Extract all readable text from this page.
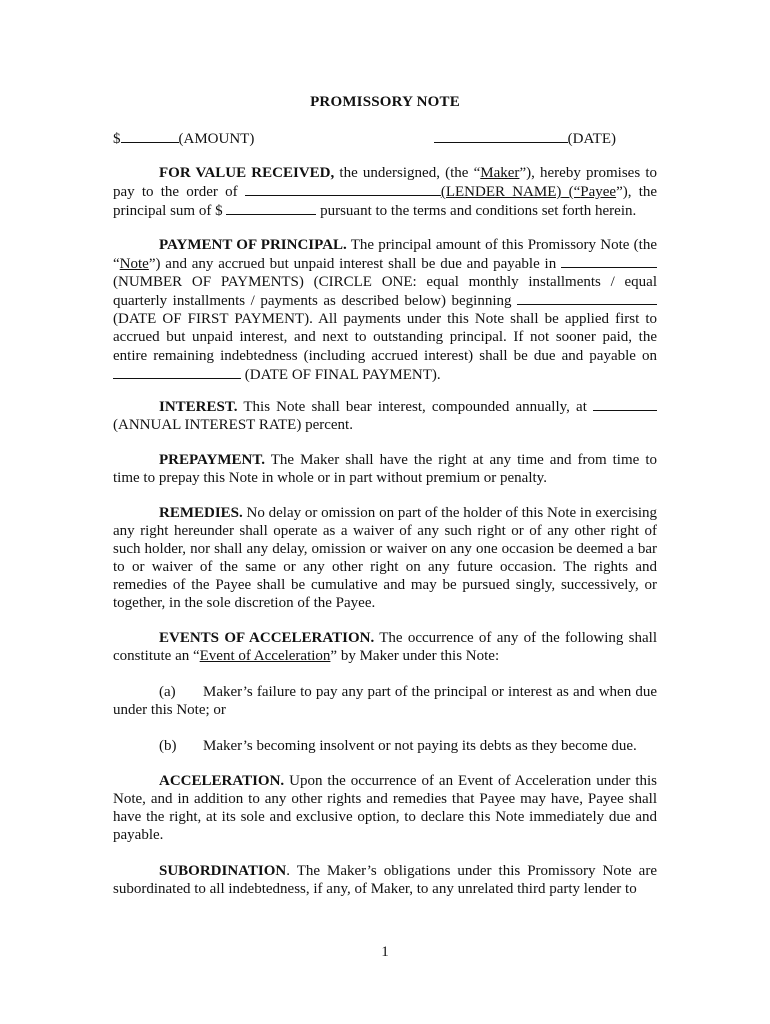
PROMISSORY NOTE
$	(AMOUNT)	(DATE)
FOR VALUE RECEIVED, the undersigned, (the “Maker”), hereby promises to pay to the order of	(LENDER NAME) (“Payee”), the principal sum of $	pursuant to the terms and conditions set forth herein.
PAYMENT OF PRINCIPAL. The principal amount of this Promissory Note (the “Note”) and any accrued but unpaid interest shall be due and payable in  (NUMBER OF PAYMENTS) (CIRCLE ONE: equal monthly installments / equal quarterly installments / payments as described below) beginning  (DATE OF FIRST PAYMENT). All payments under this Note shall be applied first to accrued but unpaid interest, and next to outstanding principal. If not sooner paid, the entire remaining indebtedness (including accrued interest) shall be due and payable on  (DATE OF FINAL PAYMENT).
INTEREST. This Note shall bear interest, compounded annually, at  (ANNUAL INTEREST RATE) percent.
PREPAYMENT. The Maker shall have the right at any time and from time to time to prepay this Note in whole or in part without premium or penalty.
REMEDIES. No delay or omission on part of the holder of this Note in exercising any right hereunder shall operate as a waiver of any such right or of any other right of such holder, nor shall any delay, omission or waiver on any one occasion be deemed a bar to or waiver of the same or any other right on any future occasion. The rights and remedies of the Payee shall be cumulative and may be pursued singly, successively, or together, in the sole discretion of the Payee.
EVENTS OF ACCELERATION. The occurrence of any of the following shall constitute an “Event of Acceleration” by Maker under this Note:
(a) Maker’s failure to pay any part of the principal or interest as and when due under this Note; or
(b) Maker’s becoming insolvent or not paying its debts as they become due.
ACCELERATION. Upon the occurrence of an Event of Acceleration under this Note, and in addition to any other rights and remedies that Payee may have, Payee shall have the right, at its sole and exclusive option, to declare this Note immediately due and payable.
SUBORDINATION. The Maker’s obligations under this Promissory Note are subordinated to all indebtedness, if any, of Maker, to any unrelated third party lender to
1
